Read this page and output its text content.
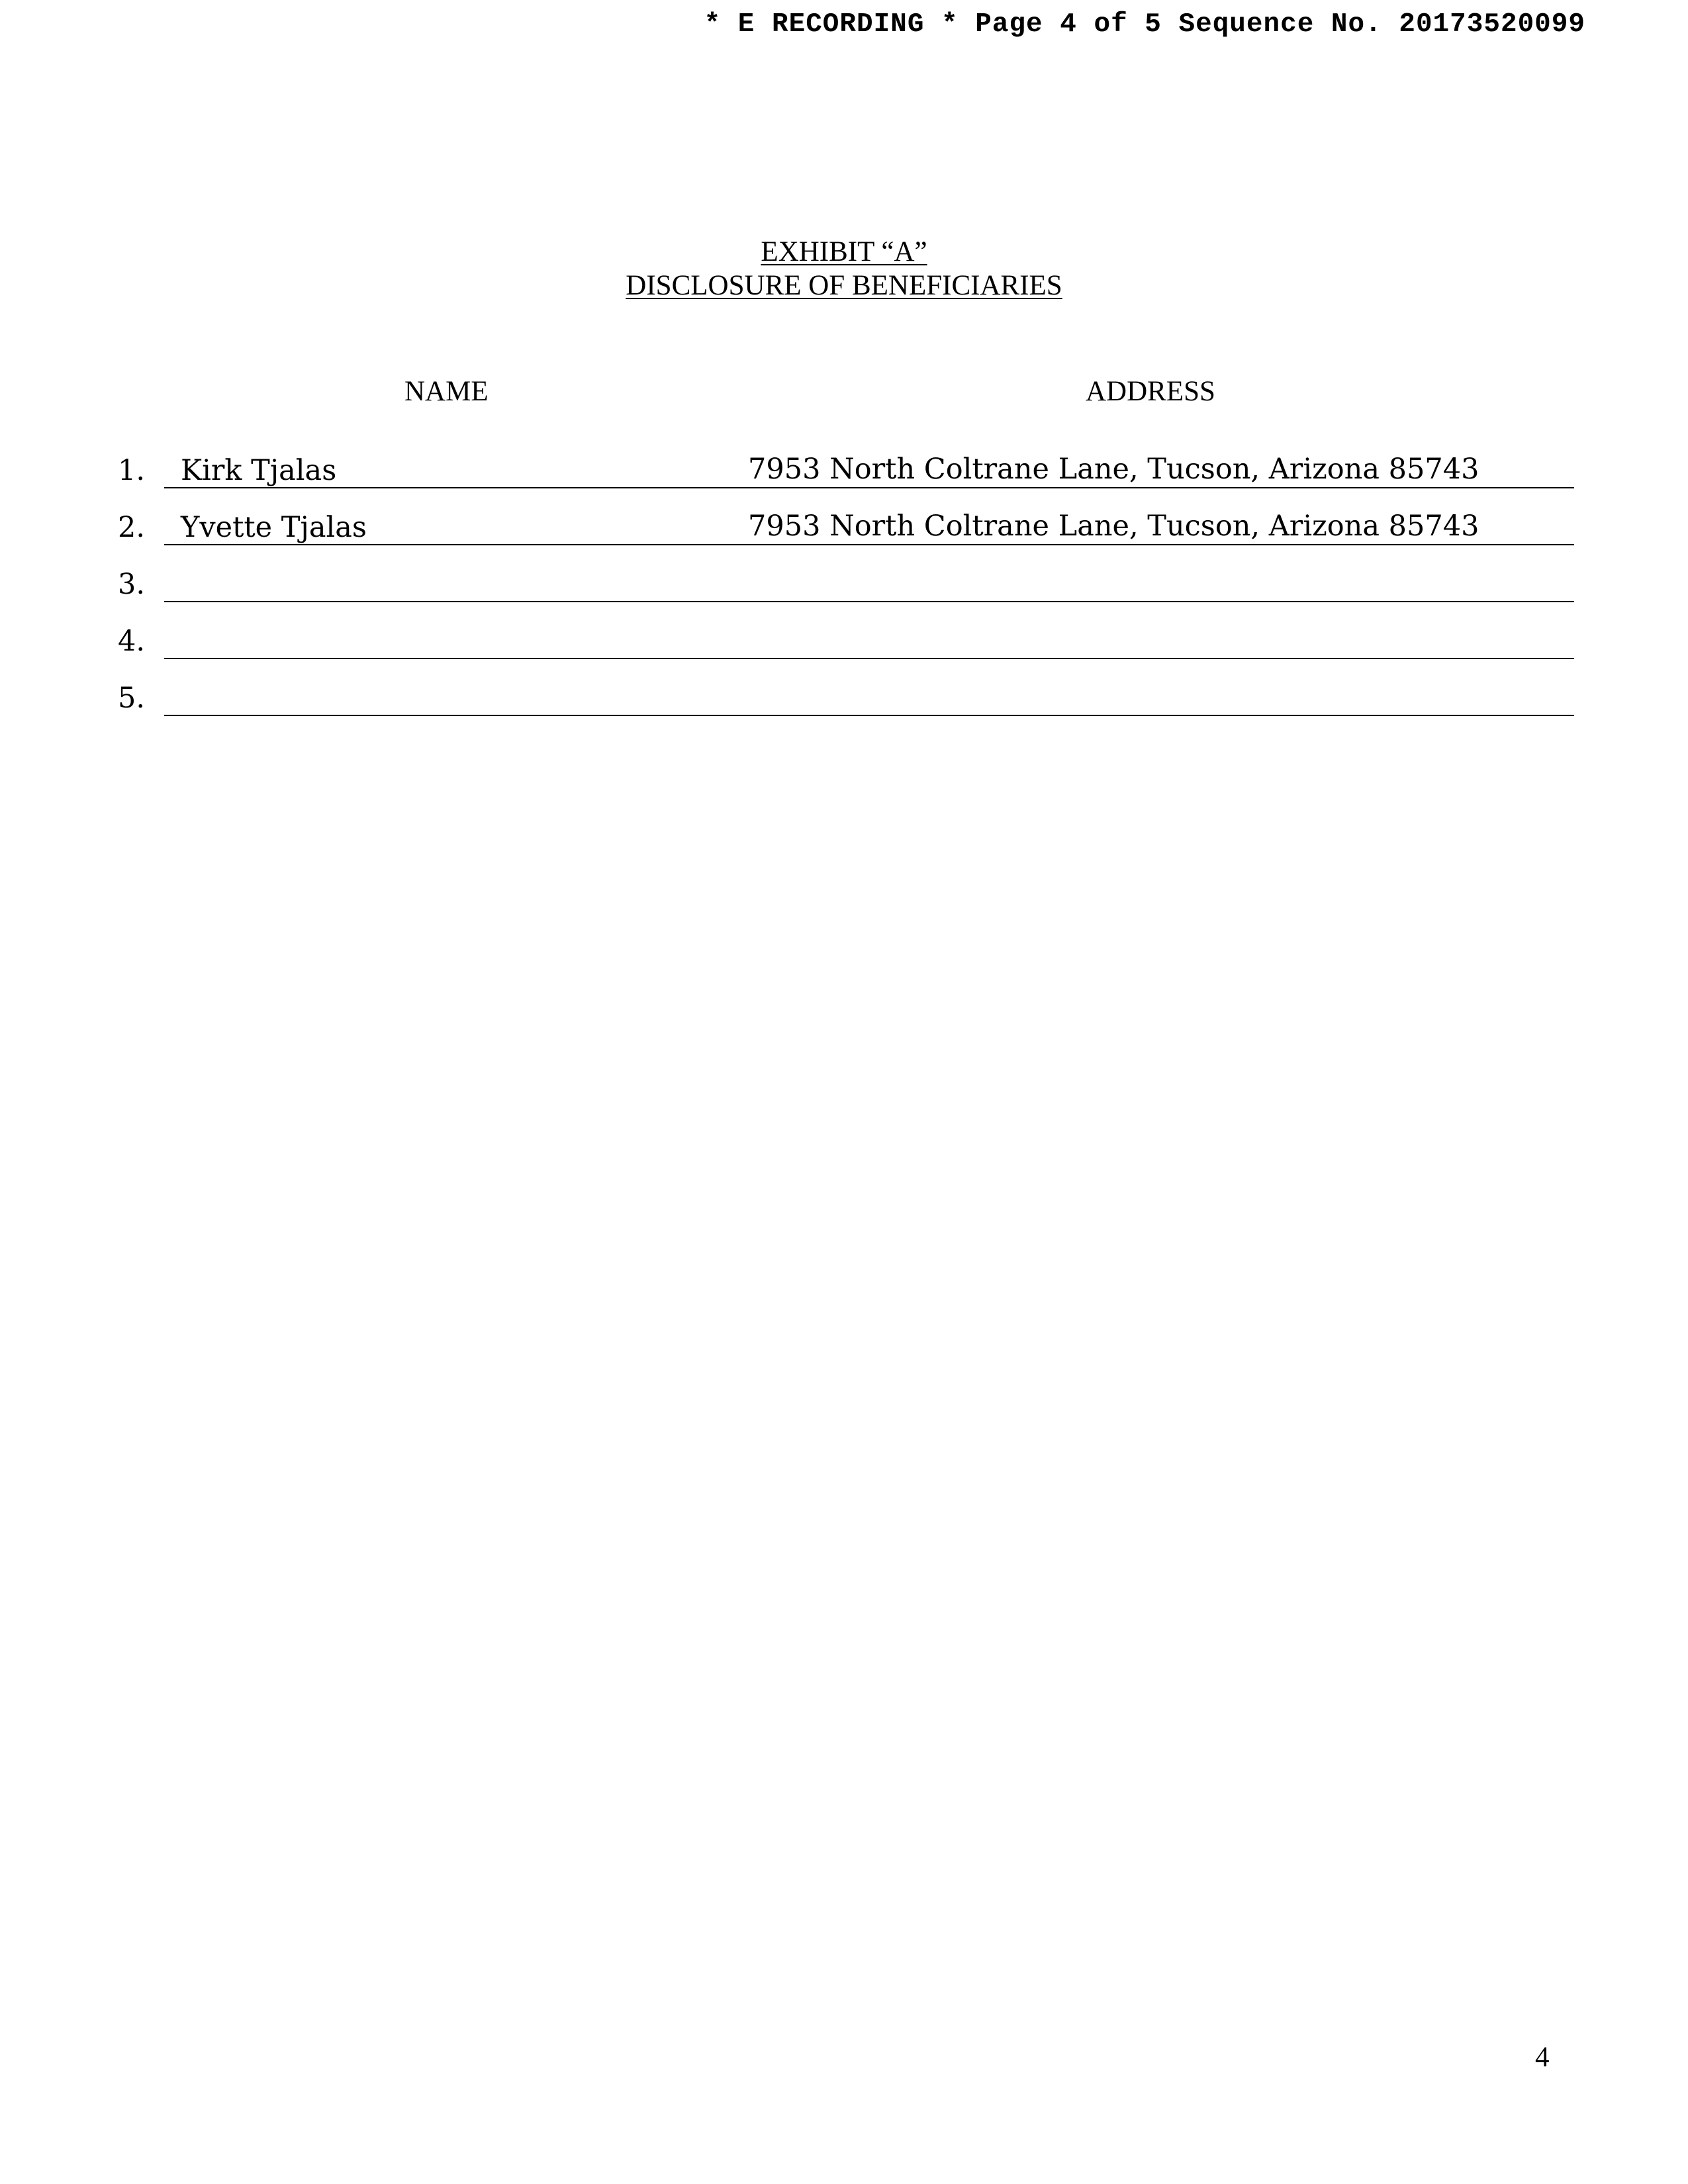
* E RECORDING * Page 4 of 5 Sequence No. 20173520099
EXHIBIT “A”
DISCLOSURE OF BENEFICIARIES
NAME	ADDRESS
1. Kirk Tjalas	7953 North Coltrane Lane, Tucson, Arizona 85743
2. Yvette Tjalas	7953 North Coltrane Lane, Tucson, Arizona 85743
3.
4.
5.
4
